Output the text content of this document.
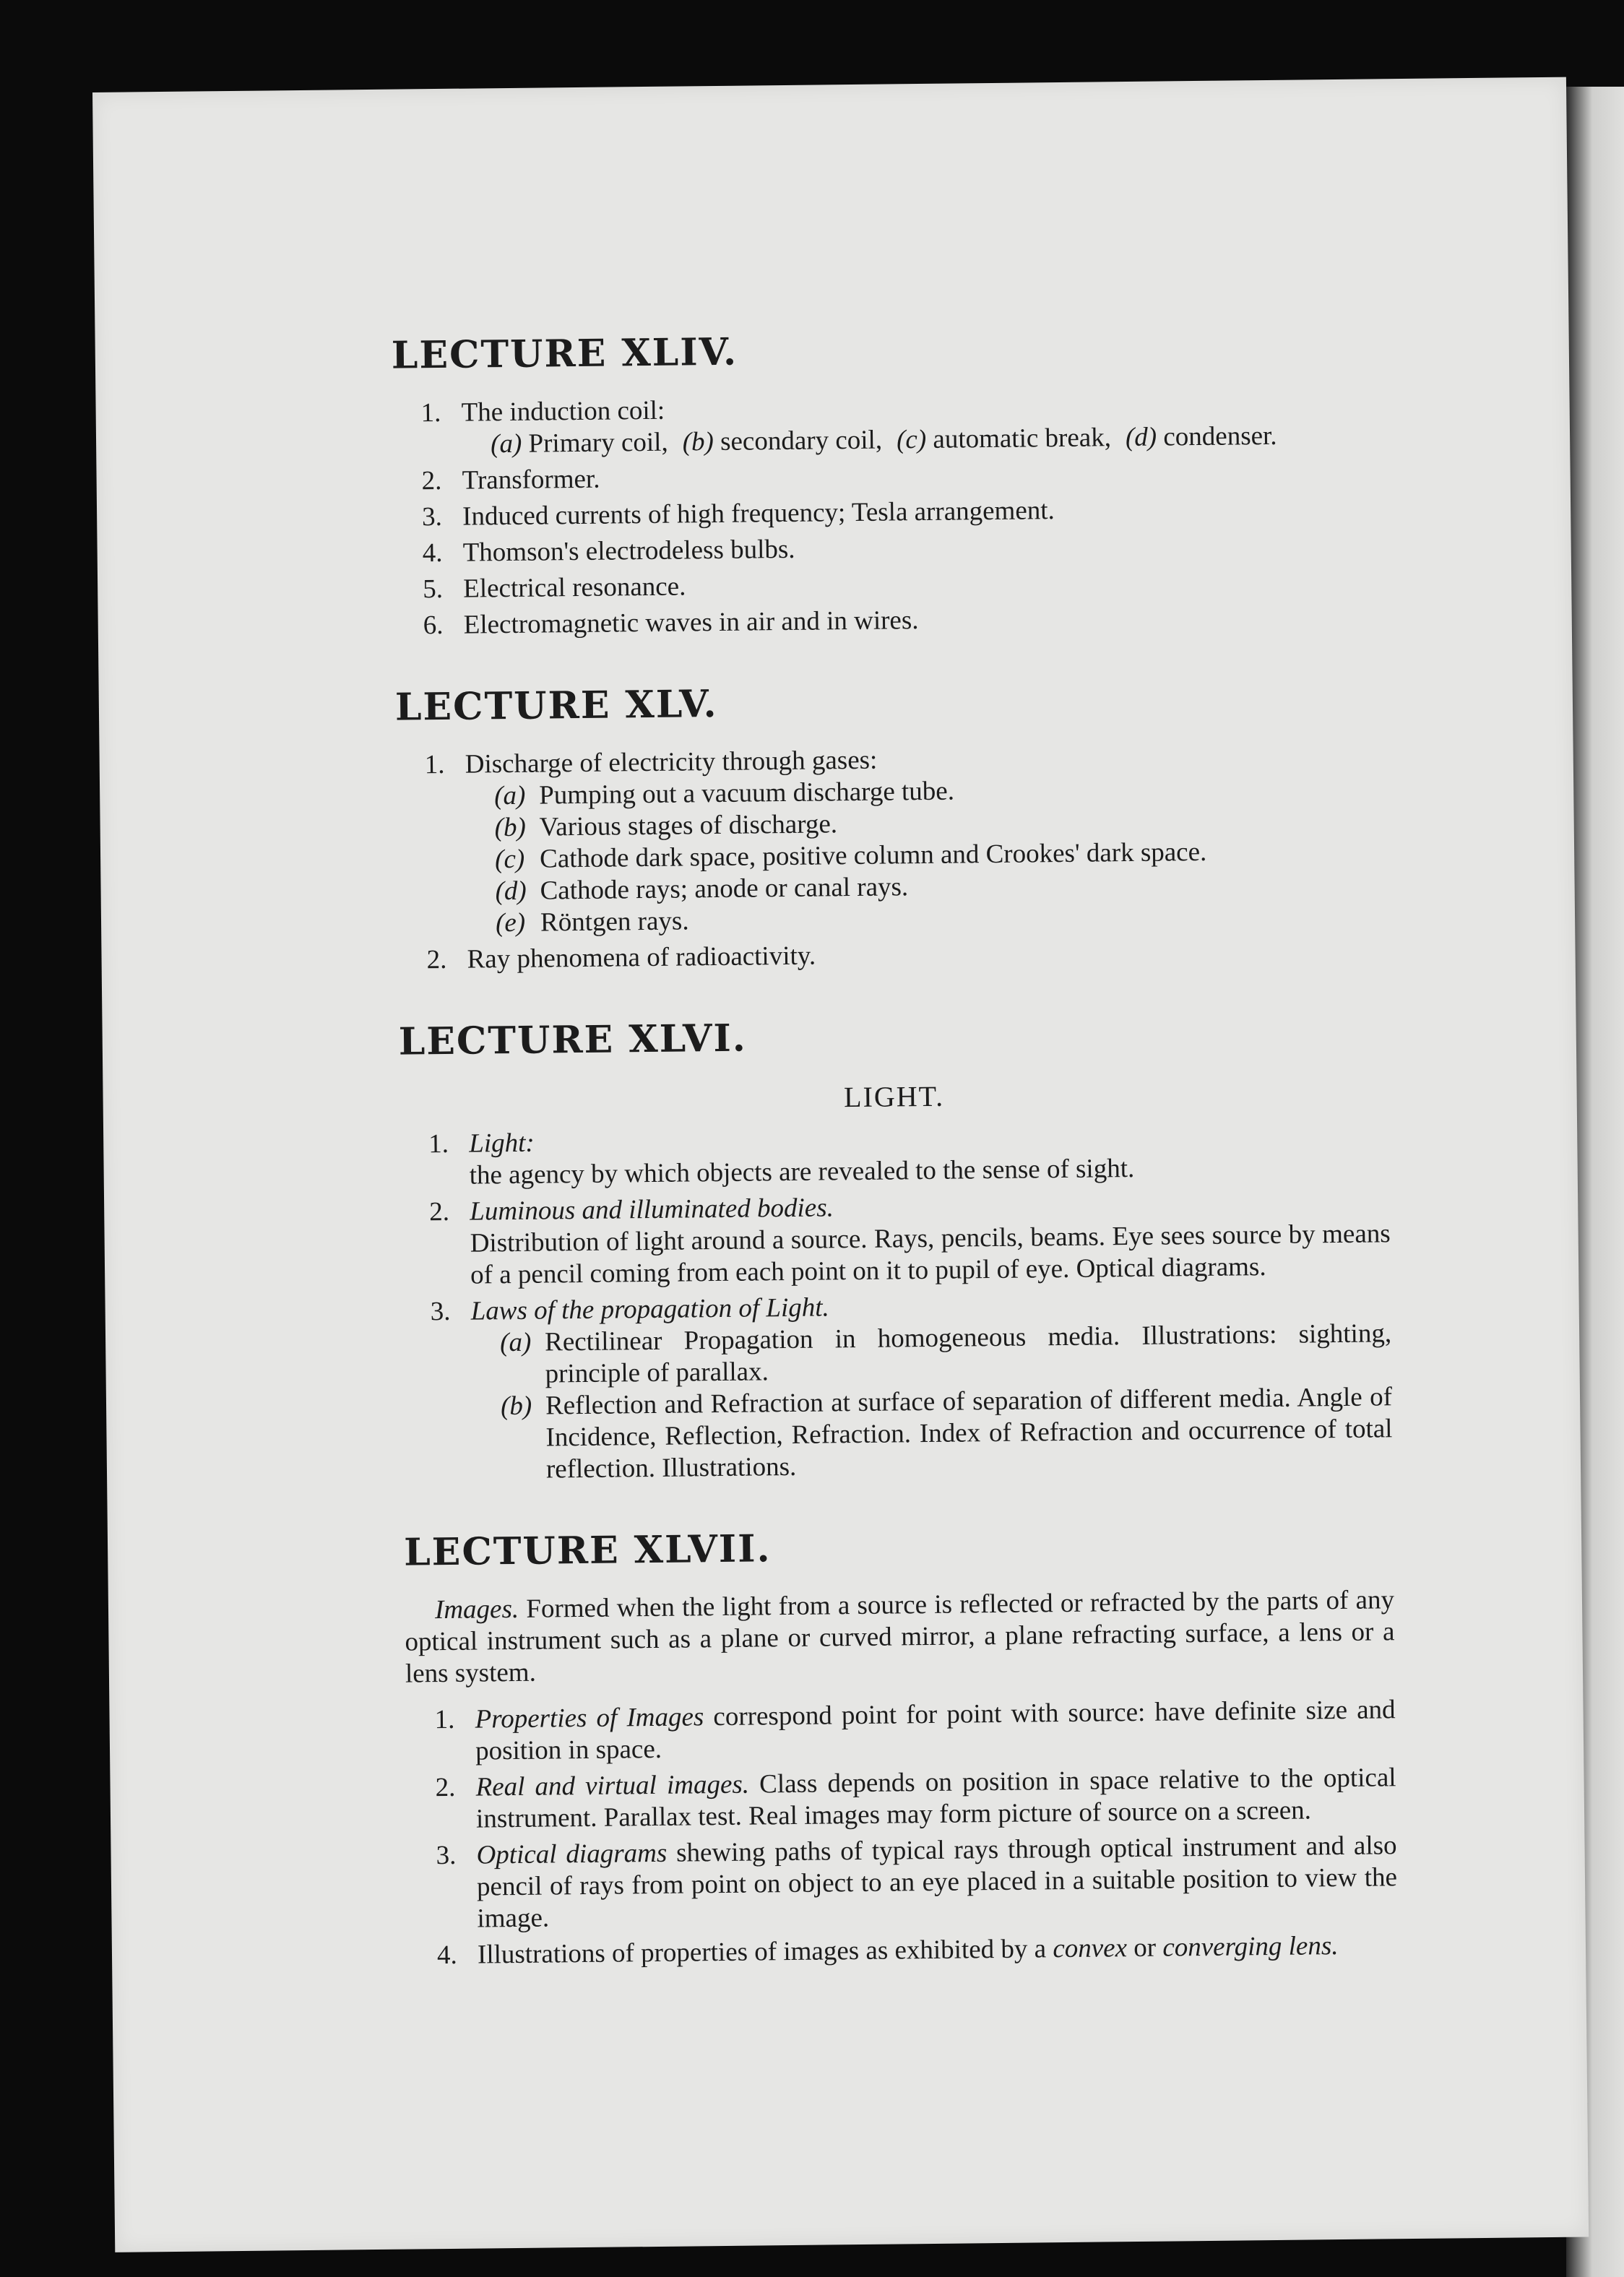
LECTURE XLIV.
1. The induction coil:
(a) Primary coil, (b) secondary coil, (c) automatic break, (d) condenser.
2. Transformer.
3. Induced currents of high frequency; Tesla arrangement.
4. Thomson's electrodeless bulbs.
5. Electrical resonance.
6. Electromagnetic waves in air and in wires.
LECTURE XLV.
1. Discharge of electricity through gases:
(a) Pumping out a vacuum discharge tube.
(b) Various stages of discharge.
(c) Cathode dark space, positive column and Crookes' dark space.
(d) Cathode rays; anode or canal rays.
(e) Röntgen rays.
2. Ray phenomena of radioactivity.
LECTURE XLVI.
LIGHT.
1. Light:
the agency by which objects are revealed to the sense of sight.
2. Luminous and illuminated bodies.
Distribution of light around a source. Rays, pencils, beams. Eye sees source by means of a pencil coming from each point on it to pupil of eye. Optical diagrams.
3. Laws of the propagation of Light.
(a) Rectilinear Propagation in homogeneous media. Illustrations: sighting, principle of parallax.
(b) Reflection and Refraction at surface of separation of different media. Angle of Incidence, Reflection, Refraction. Index of Refraction and occurrence of total reflection. Illustrations.
LECTURE XLVII.

Images. Formed when the light from a source is reflected or refracted by the parts of any optical instrument such as a plane or curved mirror, a plane refracting surface, a lens or a lens system.

1. Properties of Images correspond point for point with source: have definite size and position in space.
2. Real and virtual images. Class depends on position in space relative to the optical instrument. Parallax test. Real images may form picture of source on a screen.
3. Optical diagrams shewing paths of typical rays through optical instrument and also pencil of rays from point on object to an eye placed in a suitable position to view the image.
4. Illustrations of properties of images as exhibited by a convex or converging lens.
